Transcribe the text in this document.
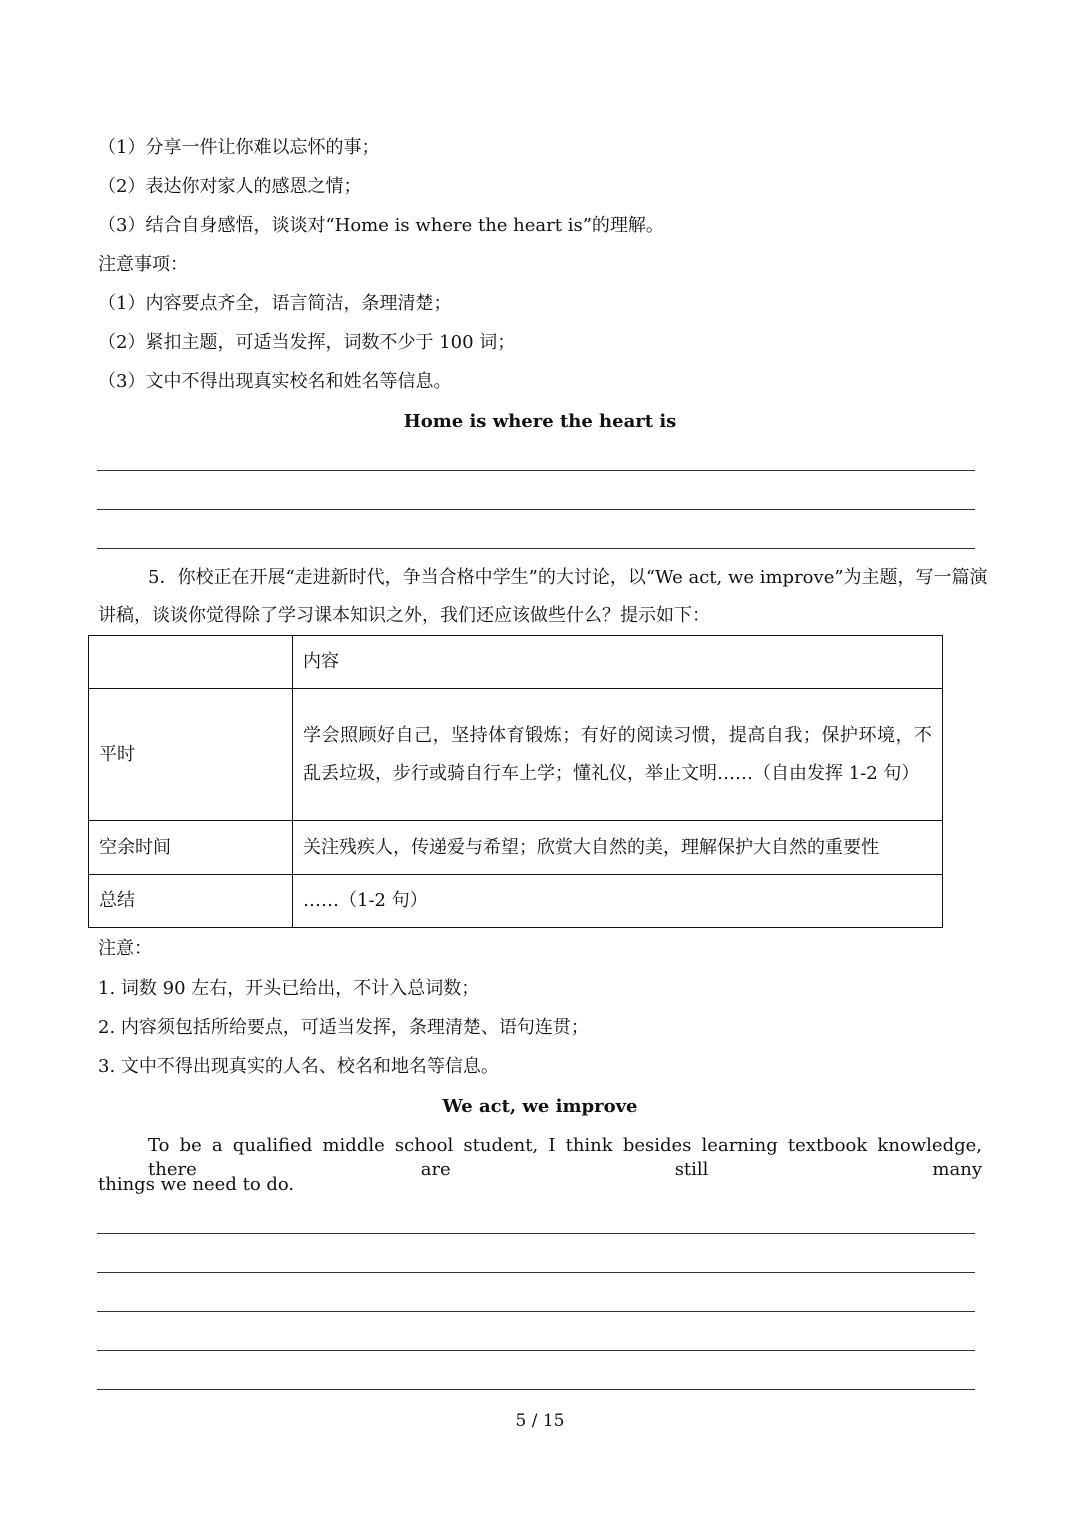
（1）分享一件让你难以忘怀的事；
（2）表达你对家人的感恩之情；
（3）结合自身感悟，谈谈对“Home is where the heart is”的理解。
注意事项：
（1）内容要点齐全，语言简洁，条理清楚；
（2）紧扣主题，可适当发挥，词数不少于 100 词；
（3）文中不得出现真实校名和姓名等信息。
Home is where the heart is
5．你校正在开展“走进新时代，争当合格中学生”的大讨论，以“We act, we improve”为主题，写一篇演
讲稿，谈谈你觉得除了学习课本知识之外，我们还应该做些什么？提示如下：
	内容
平时	学会照顾好自己，坚持体育锻炼；有好的阅读习惯，提高自我；保护环境，不乱丢垃圾，步行或骑自行车上学；懂礼仪，举止文明……（自由发挥 1-2 句）
空余时间	关注残疾人，传递爱与希望；欣赏大自然的美，理解保护大自然的重要性
总结	……（1-2 句）
注意：
1. 词数 90 左右，开头已给出，不计入总词数；
2. 内容须包括所给要点，可适当发挥，条理清楚、语句连贯；
3. 文中不得出现真实的人名、校名和地名等信息。
We act, we improve
To be a qualified middle school student, I think besides learning textbook knowledge, there are still many
things we need to do.
5 / 15
